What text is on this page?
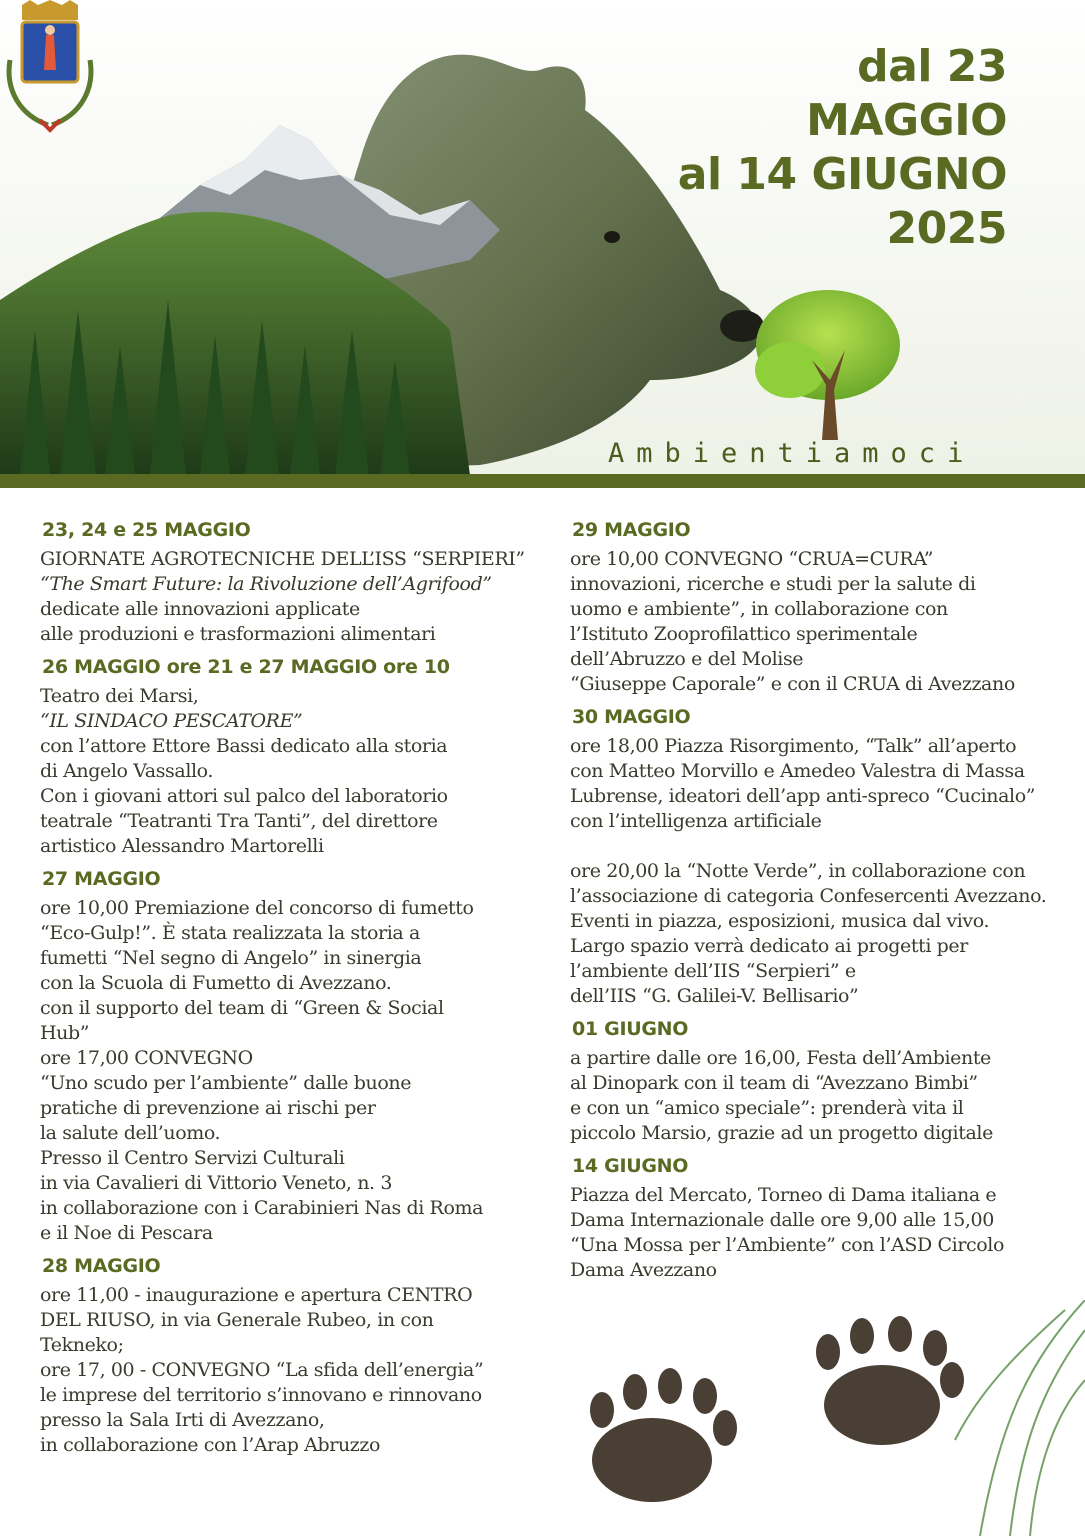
dal 23
MAGGIO
al 14 GIUGNO
2025
Ambientiamoci
23, 24 e 25 MAGGIO
GIORNATE AGROTECNICHE DELL’ISS “SERPIERI”
“The Smart Future: la Rivoluzione dell’Agrifood”
dedicate alle innovazioni applicate
alle produzioni e trasformazioni alimentari
26 MAGGIO ore 21 e 27 MAGGIO ore 10
Teatro dei Marsi,
“IL SINDACO PESCATORE”
con l’attore Ettore Bassi dedicato alla storia
di Angelo Vassallo.
Con i giovani attori sul palco del laboratorio
teatrale “Teatranti Tra Tanti”, del direttore
artistico Alessandro Martorelli
27 MAGGIO
ore 10,00 Premiazione del concorso di fumetto
“Eco-Gulp!”. È stata realizzata la storia a
fumetti “Nel segno di Angelo” in sinergia
con la Scuola di Fumetto di Avezzano.
con il supporto del team di “Green & Social
Hub”
ore 17,00 CONVEGNO
“Uno scudo per l’ambiente” dalle buone
pratiche di prevenzione ai rischi per
la salute dell’uomo.
Presso il Centro Servizi Culturali
in via Cavalieri di Vittorio Veneto, n. 3
in collaborazione con i Carabinieri Nas di Roma
e il Noe di Pescara
28 MAGGIO
ore 11,00 - inaugurazione e apertura CENTRO
DEL RIUSO, in via Generale Rubeo, in con
Tekneko;
ore 17, 00 - CONVEGNO “La sfida dell’energia”
le imprese del territorio s’innovano e rinnovano
presso la Sala Irti di Avezzano,
in collaborazione con l’Arap Abruzzo
29 MAGGIO
ore 10,00 CONVEGNO “CRUA=CURA”
innovazioni, ricerche e studi per la salute di
uomo e ambiente”, in collaborazione con
l’Istituto Zooprofilattico sperimentale
dell’Abruzzo e del Molise
“Giuseppe Caporale” e con il CRUA di Avezzano
30 MAGGIO
ore 18,00 Piazza Risorgimento, “Talk” all’aperto
con Matteo Morvillo e Amedeo Valestra di Massa
Lubrense, ideatori dell’app anti-spreco “Cucinalo”
con l’intelligenza artificiale
ore 20,00 la “Notte Verde”, in collaborazione con
l’associazione di categoria Confesercenti Avezzano.
Eventi in piazza, esposizioni, musica dal vivo.
Largo spazio verrà dedicato ai progetti per
l’ambiente dell’IIS “Serpieri” e
dell’IIS “G. Galilei-V. Bellisario”
01 GIUGNO
a partire dalle ore 16,00, Festa dell’Ambiente
al Dinopark con il team di “Avezzano Bimbi”
e con un “amico speciale”: prenderà vita il
piccolo Marsio, grazie ad un progetto digitale
14 GIUGNO
Piazza del Mercato, Torneo di Dama italiana e
Dama Internazionale dalle ore 9,00 alle 15,00
“Una Mossa per l’Ambiente” con l’ASD Circolo
Dama Avezzano
